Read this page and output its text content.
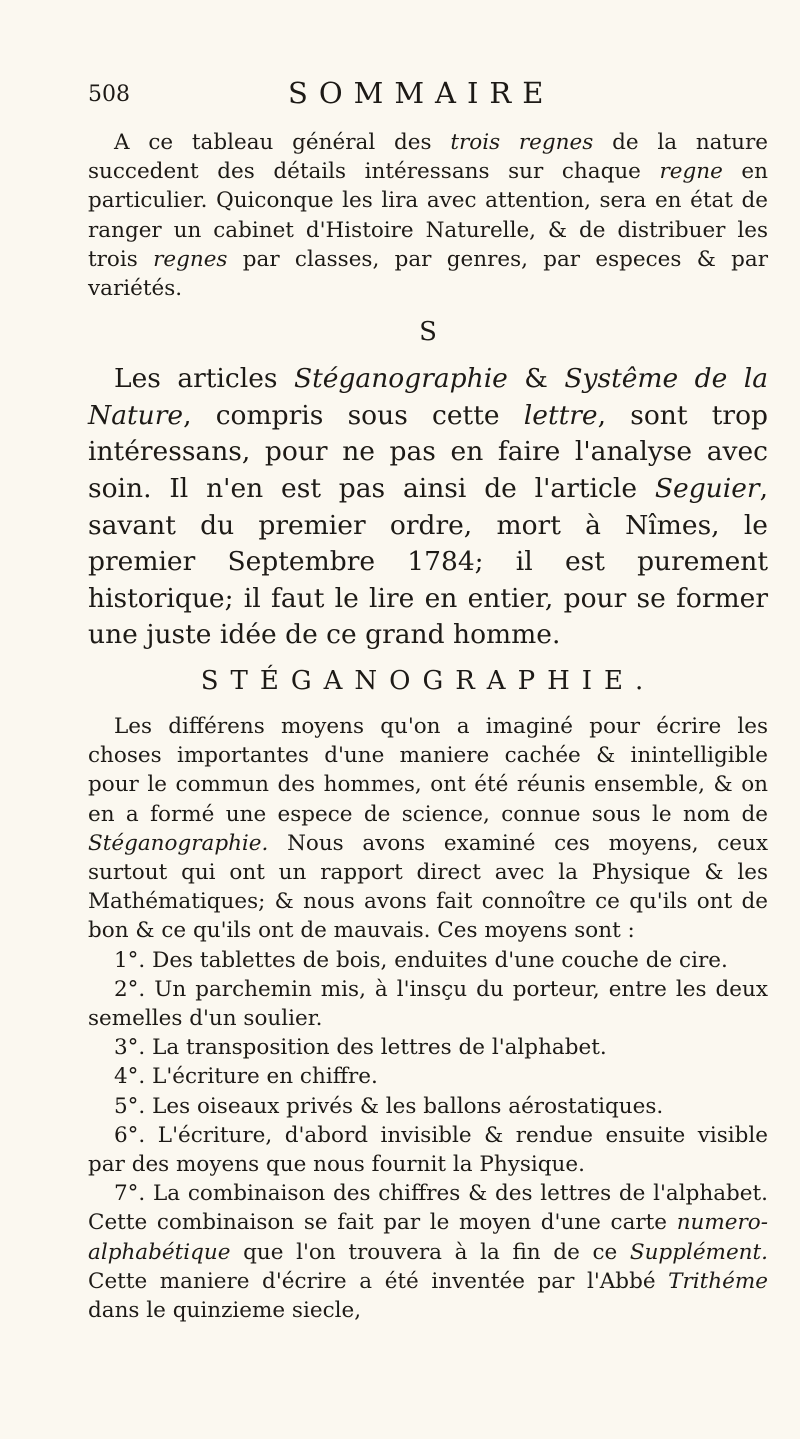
508	SOMMAIRE

A ce tableau général des trois regnes de la nature succedent des détails intéressans sur chaque regne en particulier. Quiconque les lira avec attention, sera en état de ranger un cabinet d'Histoire Naturelle, & de distribuer les trois regnes par classes, par genres, par especes & par variétés.

S

Les articles Stéganographie & Systême de la Nature, compris sous cette lettre, sont trop intéressans, pour ne pas en faire l'analyse avec soin. Il n'en est pas ainsi de l'article Seguier, savant du premier ordre, mort à Nîmes, le premier Septembre 1784; il est purement historique; il faut le lire en entier, pour se former une juste idée de ce grand homme.

STÉGANOGRAPHIE.

Les différens moyens qu'on a imaginé pour écrire les choses importantes d'une maniere cachée & inintelligible pour le commun des hommes, ont été réunis ensemble, & on en a formé une espece de science, connue sous le nom de Stéganographie. Nous avons examiné ces moyens, ceux surtout qui ont un rapport direct avec la Physique & les Mathématiques; & nous avons fait connoître ce qu'ils ont de bon & ce qu'ils ont de mauvais. Ces moyens sont :

1°. Des tablettes de bois, enduites d'une couche de cire.

2°. Un parchemin mis, à l'insçu du porteur, entre les deux semelles d'un soulier.

3°. La transposition des lettres de l'alphabet.

4°. L'écriture en chiffre.

5°. Les oiseaux privés & les ballons aérostatiques.

6°. L'écriture, d'abord invisible & rendue ensuite visible par des moyens que nous fournit la Physique.

7°. La combinaison des chiffres & des lettres de l'alphabet. Cette combinaison se fait par le moyen d'une carte numero-alphabétique que l'on trouvera à la fin de ce Supplément. Cette maniere d'écrire a été inventée par l'Abbé Trithéme dans le quinzieme siecle,
